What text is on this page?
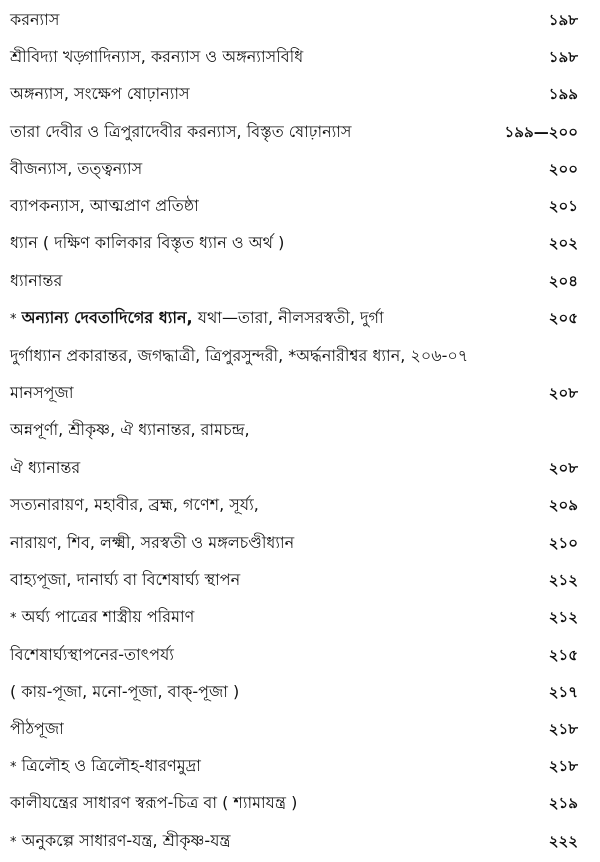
করন্যাস	১৯৮
শ্রীবিদ্যা খড়্গাদিন্যাস, করন্যাস ও অঙ্গন্যাসবিধি	১৯৮
অঙ্গন্যাস, সংক্ষেপ ষোঢ়ান্যাস	১৯৯
তারা দেবীর ও ত্রিপুরাদেবীর করন্যাস, বিস্তৃত ষোঢ়ান্যাস	১৯৯—২০০
বীজন্যাস, তত্ত্বন্যাস	২০০
ব্যাপকন্যাস, আত্মপ্রাণ প্রতিষ্ঠা	২০১
ধ্যান ( দক্ষিণ কালিকার বিস্তৃত ধ্যান ও অর্থ )	২০২
ধ্যানান্তর	২০৪
* অন্যান্য দেবতাদিগের ধ্যান, যথা—তারা, নীলসরস্বতী, দুর্গা	২০৫
দুর্গাধ্যান প্রকারান্তর, জগদ্ধাত্রী, ত্রিপুরসুন্দরী, *অর্দ্ধনারীশ্বর ধ্যান, ২০৬-০৭
মানসপূজা	২০৮
অন্নপূর্ণা, শ্রীকৃষ্ণ, ঐ ধ্যানান্তর, রামচন্দ্র,
ঐ ধ্যানান্তর	২০৮
সত্যনারায়ণ, মহাবীর, ব্রহ্ম, গণেশ, সূর্য্য,	২০৯
নারায়ণ, শিব, লক্ষ্মী, সরস্বতী ও মঙ্গলচণ্ডীধ্যান	২১০
বাহ্যপূজা, দানার্ঘ্য বা বিশেষার্ঘ্য স্থাপন	২১২
* অর্ঘ্য পাত্রের শাস্ত্রীয় পরিমাণ	২১২
বিশেষার্ঘ্যস্থাপনের-তাৎপর্য্য	২১৫
( কায়-পূজা, মনো-পূজা, বাক্‌-পূজা )	২১৭
পীঠপূজা	২১৮
* ত্রিলৌহ ও ত্রিলৌহ-ধারণমুদ্রা	২১৮
কালীযন্ত্রের সাধারণ স্বরূপ-চিত্র বা ( শ্যামাযন্ত্র )	২১৯
* অনুকল্পে সাধারণ-যন্ত্র, শ্রীকৃষ্ণ-যন্ত্র	২২২
